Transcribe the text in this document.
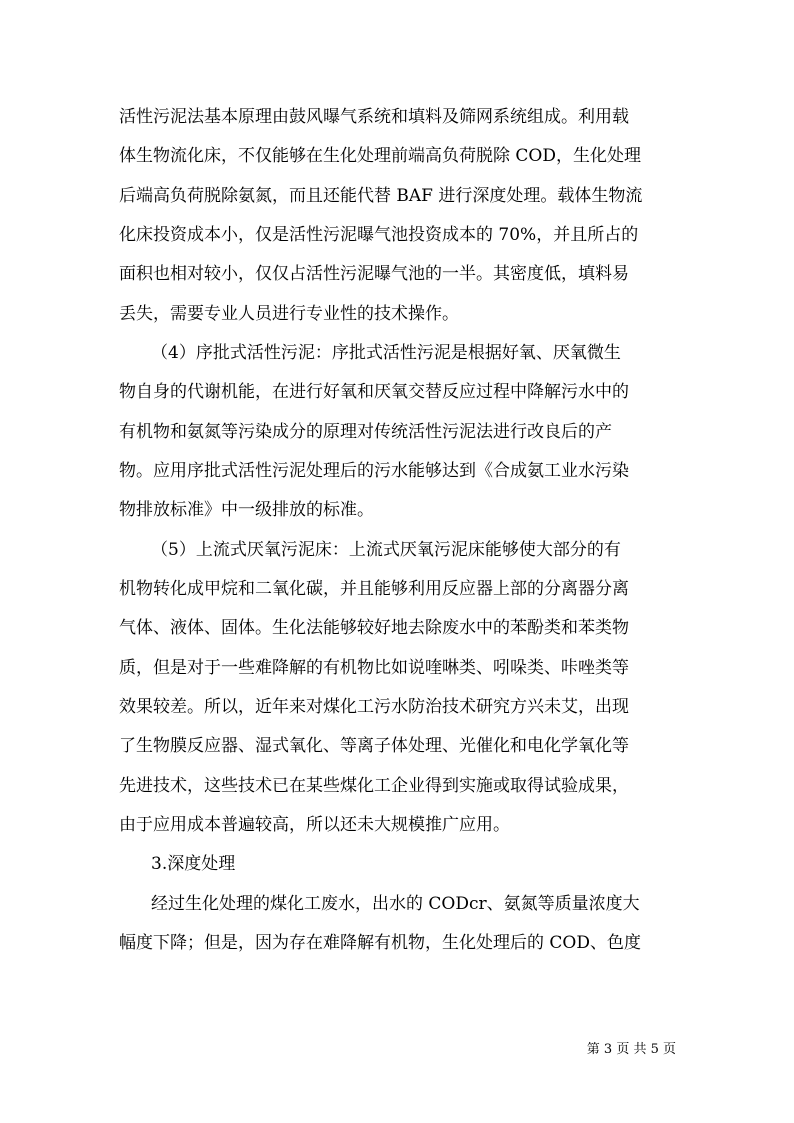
活性污泥法基本原理由鼓风曝气系统和填料及筛网系统组成。利用载
体生物流化床，不仅能够在生化处理前端高负荷脱除 COD，生化处理
后端高负荷脱除氨氮，而且还能代替 BAF 进行深度处理。载体生物流
化床投资成本小，仅是活性污泥曝气池投资成本的 70%，并且所占的
面积也相对较小，仅仅占活性污泥曝气池的一半。其密度低，填料易
丢失，需要专业人员进行专业性的技术操作。
（4）序批式活性污泥：序批式活性污泥是根据好氧、厌氧微生
物自身的代谢机能，在进行好氧和厌氧交替反应过程中降解污水中的
有机物和氨氮等污染成分的原理对传统活性污泥法进行改良后的产
物。应用序批式活性污泥处理后的污水能够达到《合成氨工业水污染
物排放标准》中一级排放的标准。
（5）上流式厌氧污泥床：上流式厌氧污泥床能够使大部分的有
机物转化成甲烷和二氧化碳，并且能够利用反应器上部的分离器分离
气体、液体、固体。生化法能够较好地去除废水中的苯酚类和苯类物
质，但是对于一些难降解的有机物比如说喹啉类、吲哚类、咔唑类等
效果较差。所以，近年来对煤化工污水防治技术研究方兴未艾，出现
了生物膜反应器、湿式氧化、等离子体处理、光催化和电化学氧化等
先进技术，这些技术已在某些煤化工企业得到实施或取得试验成果，
由于应用成本普遍较高，所以还未大规模推广应用。
3.深度处理
经过生化处理的煤化工废水，出水的 CODcr、氨氮等质量浓度大
幅度下降；但是，因为存在难降解有机物，生化处理后的 COD、色度
第 3 页 共 5 页
